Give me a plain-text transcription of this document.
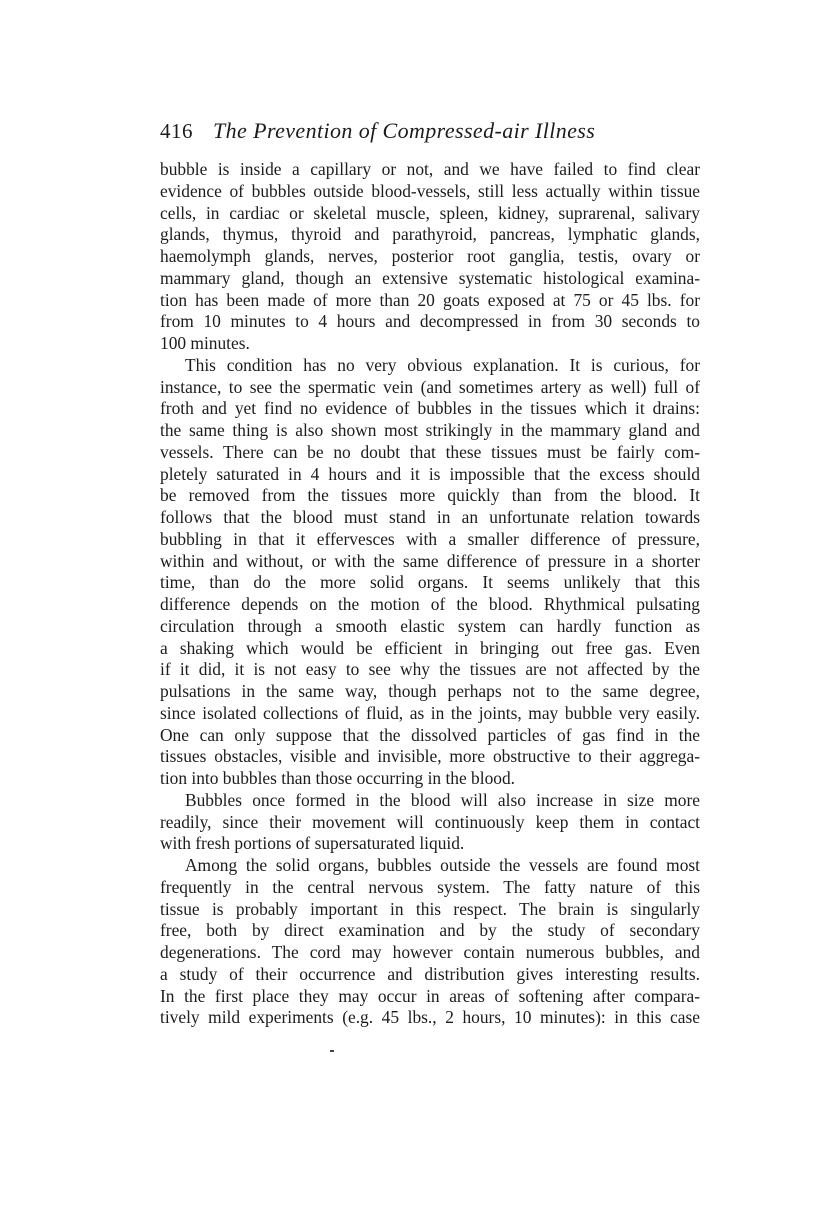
416 The Prevention of Compressed-air Illness
bubble is inside a capillary or not, and we have failed to find clear
evidence of bubbles outside blood-vessels, still less actually within tissue
cells, in cardiac or skeletal muscle, spleen, kidney, suprarenal, salivary
glands, thymus, thyroid and parathyroid, pancreas, lymphatic glands,
haemolymph glands, nerves, posterior root ganglia, testis, ovary or
mammary gland, though an extensive systematic histological examina-
tion has been made of more than 20 goats exposed at 75 or 45 lbs. for
from 10 minutes to 4 hours and decompressed in from 30 seconds to
100 minutes.
This condition has no very obvious explanation. It is curious, for
instance, to see the spermatic vein (and sometimes artery as well) full of
froth and yet find no evidence of bubbles in the tissues which it drains:
the same thing is also shown most strikingly in the mammary gland and
vessels. There can be no doubt that these tissues must be fairly com-
pletely saturated in 4 hours and it is impossible that the excess should
be removed from the tissues more quickly than from the blood. It
follows that the blood must stand in an unfortunate relation towards
bubbling in that it effervesces with a smaller difference of pressure,
within and without, or with the same difference of pressure in a shorter
time, than do the more solid organs. It seems unlikely that this
difference depends on the motion of the blood. Rhythmical pulsating
circulation through a smooth elastic system can hardly function as
a shaking which would be efficient in bringing out free gas. Even
if it did, it is not easy to see why the tissues are not affected by the
pulsations in the same way, though perhaps not to the same degree,
since isolated collections of fluid, as in the joints, may bubble very easily.
One can only suppose that the dissolved particles of gas find in the
tissues obstacles, visible and invisible, more obstructive to their aggrega-
tion into bubbles than those occurring in the blood.
Bubbles once formed in the blood will also increase in size more
readily, since their movement will continuously keep them in contact
with fresh portions of supersaturated liquid.
Among the solid organs, bubbles outside the vessels are found most
frequently in the central nervous system. The fatty nature of this
tissue is probably important in this respect. The brain is singularly
free, both by direct examination and by the study of secondary
degenerations. The cord may however contain numerous bubbles, and
a study of their occurrence and distribution gives interesting results.
In the first place they may occur in areas of softening after compara-
tively mild experiments (e.g. 45 lbs., 2 hours, 10 minutes): in this case
